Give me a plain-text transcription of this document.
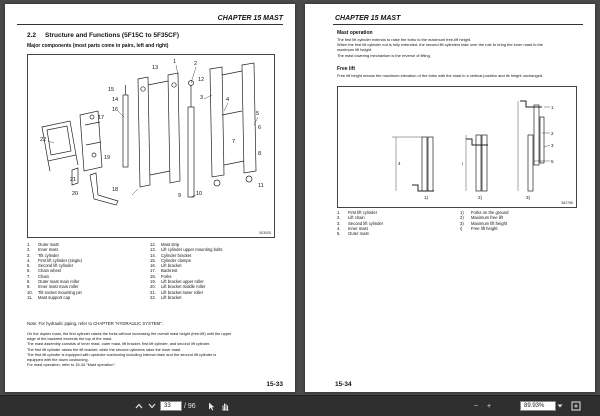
CHAPTER 15 MAST
2.2 Structure and Functions (5F15C to 5F35CF)
Major components (most parts come in pairs, left and right)
1	2
3	4
5
6
7
8
9	10
11
12
13
14
15
16
17
18
19
20
21
22
503005
1.	Outer mast
2.	Inner mast
3.	Tilt cylinder
4.	First lift cylinder (single)
5.	Second lift cylinder
6.	Chain wheel
7.	Chain
8.	Outer mast main roller
9.	Inner mast main roller
10.	Tilt socket mounting pin
11.	Mast support cap
12.	Mast strip
13.	Lift cylinder upper mounting bolts
14.	Cylinder bracket
15.	Cylinder clamps
16.	Lift bracket
17.	Backrest
18.	Forks
19.	Lift bracket upper roller
20.	Lift bracket middle roller
21.	Lift bracket lower roller
22.	Lift bracket
Note: For hydraulic piping, refer to CHAPTER "HYDRAULIC SYSTEM".
On the duplex mast, the first cylinder raises the forks without increasing the overall mast height (free-lift) until the upper
edge of the backrest exceeds the top of the mast.
The mast assembly consists of inner mast, outer mast, lift bracket, first lift cylinder, and second lift cylinder.
The first lift cylinder raises the lift bracket, while the second cylinders raise the inner mast.
The first lift cylinder is equipped with upstroke cushioning including internal drain and the second lift cylinder is
equipped with the down cushioning.
For mast operation, refer to 15-34 "Mast operation".
15-33
CHAPTER 15 MAST
Mast operation
The first lift cylinder extends to raise the forks to the maximum free-lift height.
When the first lift cylinder rod is fully extended, the second lift cylinders take over the role to bring the inner mast to the
maximum lift height.
The mast lowering mechanism is the reverse of lifting.
Free lift
Free lift height means the maximum elevation of the forks with the mast in a vertical position and its height unchanged.
1
2
3
4	5
i
1)	2)	3)
582786
1.	First lift cylinder
2.	Lift chain
3.	Second lift cylinder
4.	Inner mast
5.	Outer mast
1)	Forks on the ground
2)	Maximum free lift
3)	Maximum lift height
i)	Free lift height
15-34
33	/ 96	−	+	89.93%
